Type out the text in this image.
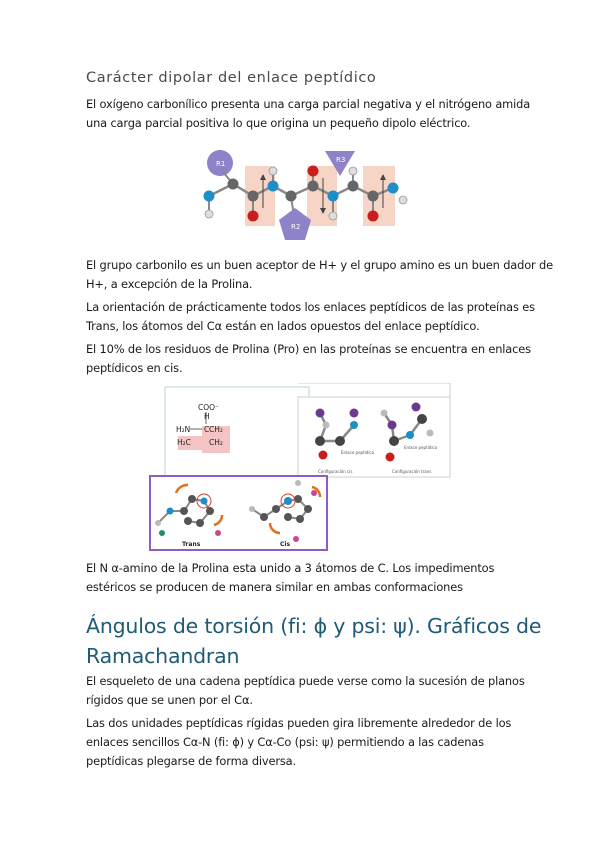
Carácter dipolar del enlace peptídico
El oxígeno carbonílico presenta una carga parcial negativa y el nitrógeno amida
una carga parcial positiva lo que origina un pequeño dipolo eléctrico.
R1	R3
R2
El grupo carbonilo es un buen aceptor de H+ y el grupo amino es un buen dador de
H+, a excepción de la Prolina.
La orientación de prácticamente todos los enlaces peptídicos de las proteínas es
Trans, los átomos del Cα están en lados opuestos del enlace peptídico.
El 10% de los residuos de Prolina (Pro) en las proteínas se encuentra en enlaces
peptídicos en cis.
COO⁻
H
H₂N C CH₂
H₂C CH₂
Enlace peptídico
Configuración cis
Enlace peptídico
Configuración trans
Trans	Cis
El N α-amino de la Prolina esta unido a 3 átomos de C. Los impedimentos
estéricos se producen de manera similar en ambas conformaciones
Ángulos de torsión (fi: ϕ y psi: ψ). Gráficos de
Ramachandran
El esqueleto de una cadena peptídica puede verse como la sucesión de planos
rígidos que se unen por el Cα.
Las dos unidades peptídicas rígidas pueden gira libremente alrededor de los
enlaces sencillos Cα-N (fi: ϕ) y Cα-Co (psi: ψ) permitiendo a las cadenas
peptídicas plegarse de forma diversa.
